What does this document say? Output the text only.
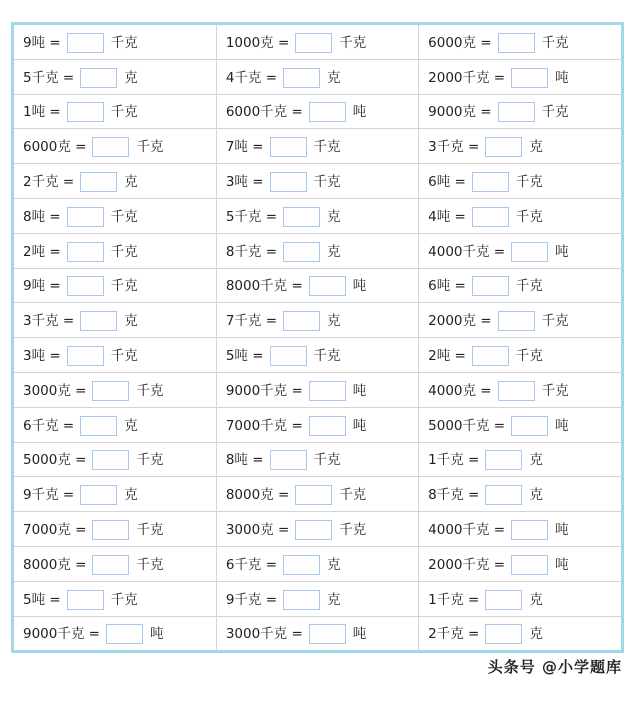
9吨 = 千克	1000克 = 千克	6000克 = 千克
5千克 = 克	4千克 = 克	2000千克 = 吨
1吨 = 千克	6000千克 = 吨	9000克 = 千克
6000克 = 千克	7吨 = 千克	3千克 = 克
2千克 = 克	3吨 = 千克	6吨 = 千克
8吨 = 千克	5千克 = 克	4吨 = 千克
2吨 = 千克	8千克 = 克	4000千克 = 吨
9吨 = 千克	8000千克 = 吨	6吨 = 千克
3千克 = 克	7千克 = 克	2000克 = 千克
3吨 = 千克	5吨 = 千克	2吨 = 千克
3000克 = 千克	9000千克 = 吨	4000克 = 千克
6千克 = 克	7000千克 = 吨	5000千克 = 吨
5000克 = 千克	8吨 = 千克	1千克 = 克
9千克 = 克	8000克 = 千克	8千克 = 克
7000克 = 千克	3000克 = 千克	4000千克 = 吨
8000克 = 千克	6千克 = 克	2000千克 = 吨
5吨 = 千克	9千克 = 克	1千克 = 克
9000千克 = 吨	3000千克 = 吨	2千克 = 克
头条号 @小学题库
